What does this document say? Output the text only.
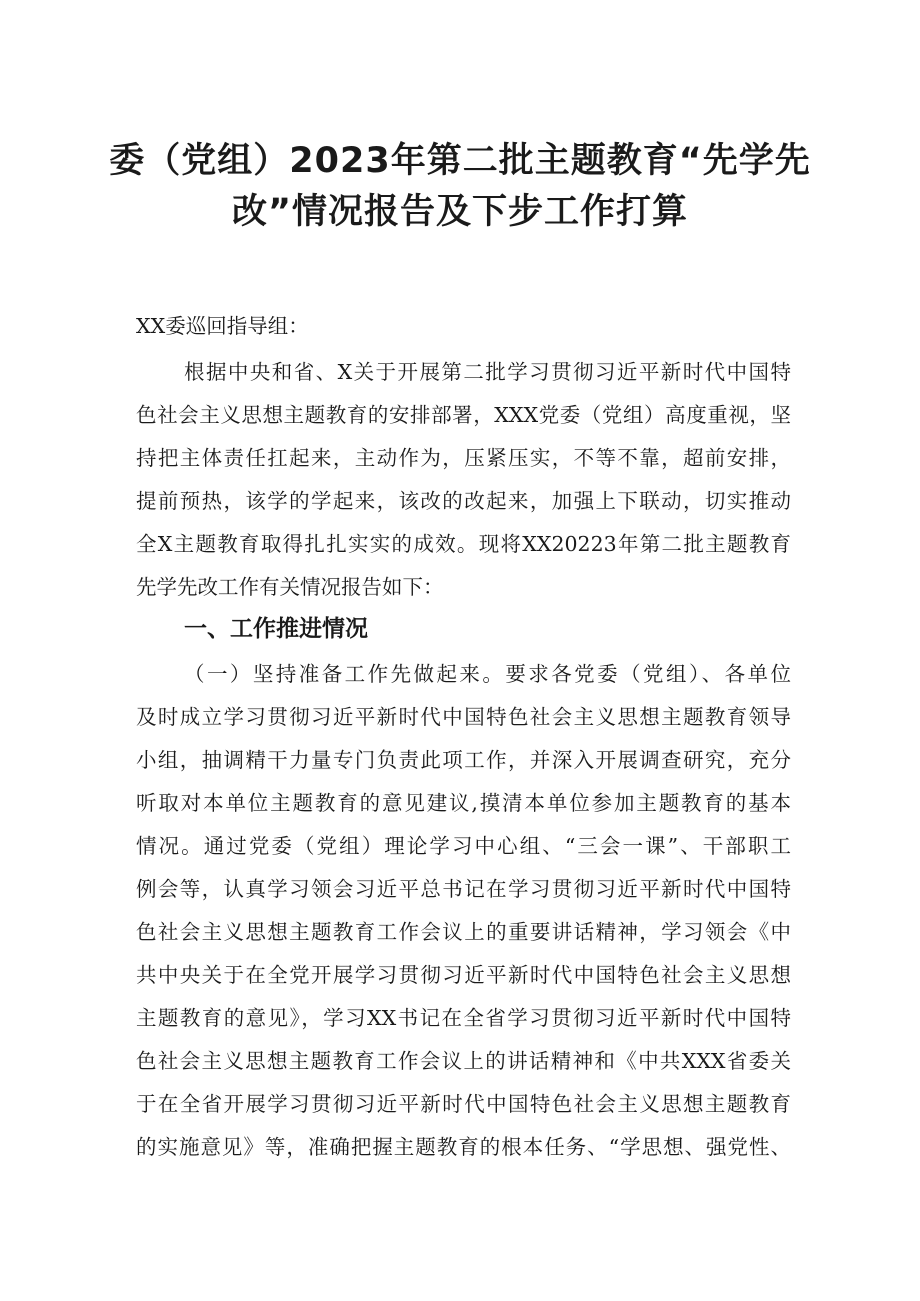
委（党组）2023年第二批主题教育“先学先
改”情况报告及下步工作打算
XX委巡回指导组：
根据中央和省、X关于开展第二批学习贯彻习近平新时代中国特
色社会主义思想主题教育的安排部署，XXX党委（党组）高度重视，坚
持把主体责任扛起来，主动作为，压紧压实，不等不靠，超前安排，
提前预热，该学的学起来，该改的改起来，加强上下联动，切实推动
全X主题教育取得扎扎实实的成效。现将XX20223年第二批主题教育
先学先改工作有关情况报告如下：
一、工作推进情况
（一）坚持准备工作先做起来。要求各党委（党组）、各单位
及时成立学习贯彻习近平新时代中国特色社会主义思想主题教育领导
小组，抽调精干力量专门负责此项工作，并深入开展调查研究，充分
听取对本单位主题教育的意见建议,摸清本单位参加主题教育的基本
情况。通过党委（党组）理论学习中心组、“三会一课”、干部职工
例会等，认真学习领会习近平总书记在学习贯彻习近平新时代中国特
色社会主义思想主题教育工作会议上的重要讲话精神，学习领会《中
共中央关于在全党开展学习贯彻习近平新时代中国特色社会主义思想
主题教育的意见》，学习XX书记在全省学习贯彻习近平新时代中国特
色社会主义思想主题教育工作会议上的讲话精神和《中共XXX省委关
于在全省开展学习贯彻习近平新时代中国特色社会主义思想主题教育
的实施意见》等，准确把握主题教育的根本任务、“学思想、强党性、
